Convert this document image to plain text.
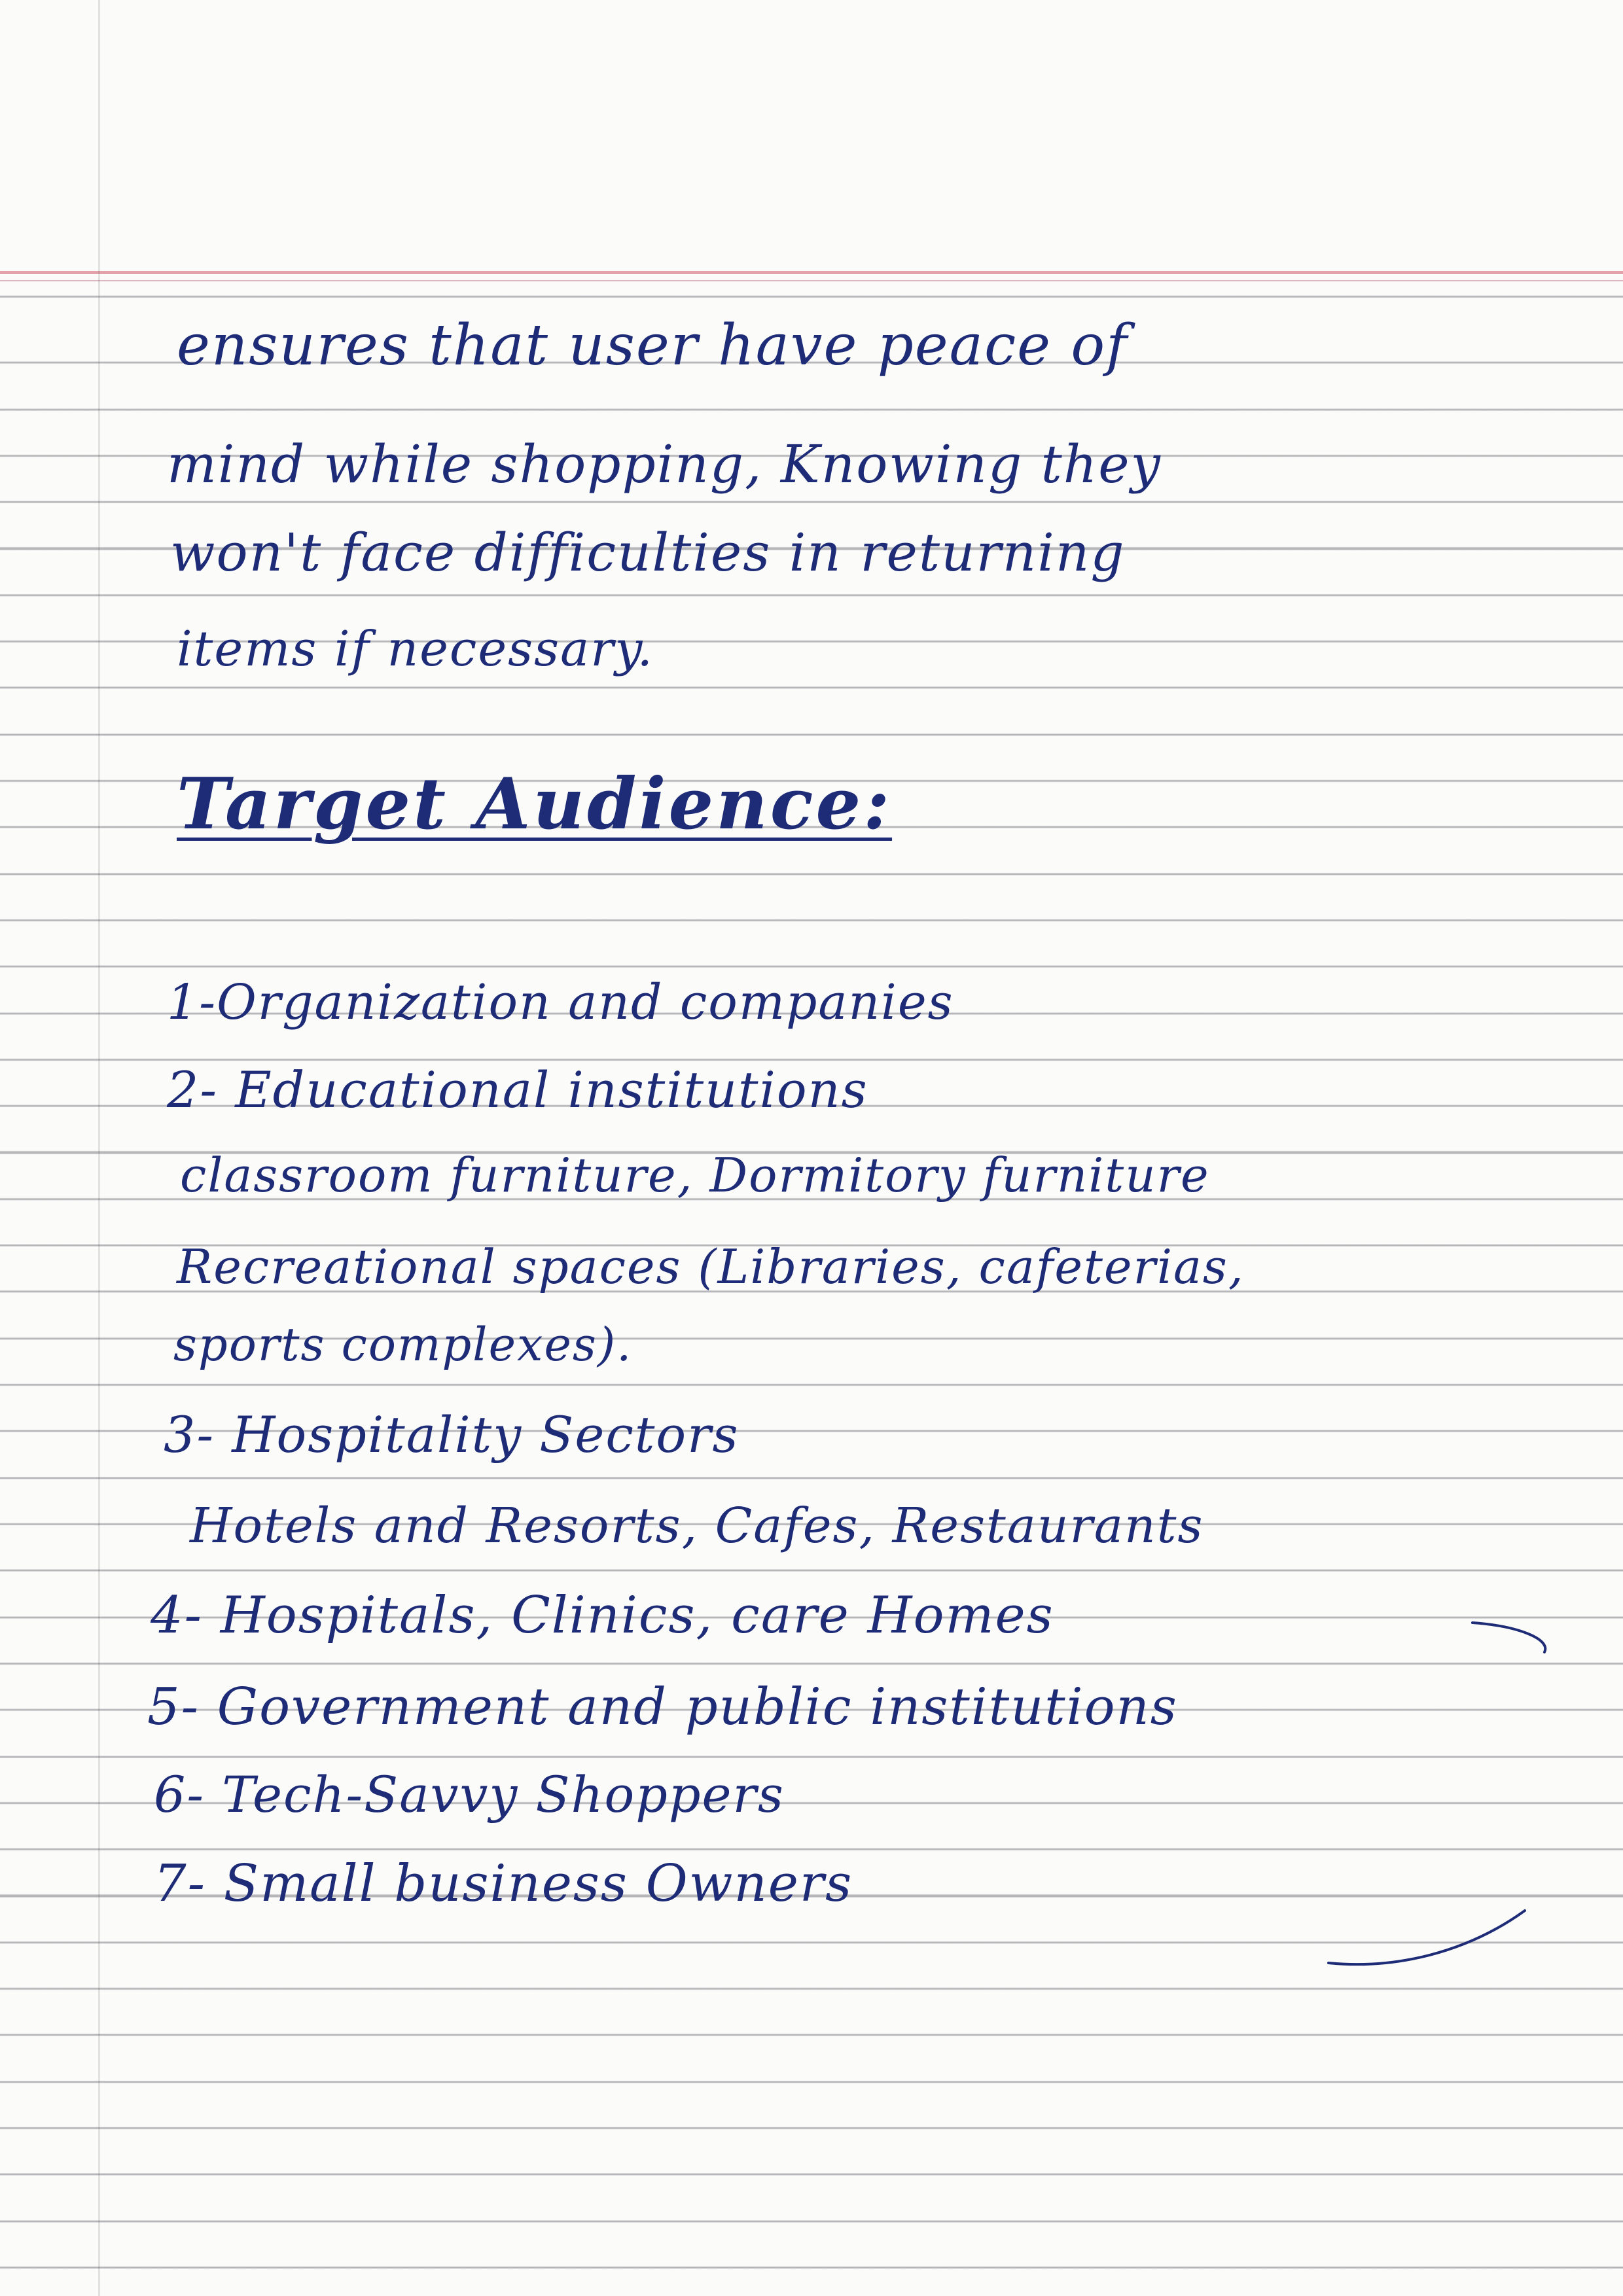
ensures that user have peace of

mind while shopping, Knowing they

won't face difficulties in returning

items if necessary.

Target Audience:

1-Organization and companies

2- Educational institutions

classroom furniture, Dormitory furniture

Recreational spaces (Libraries, cafeterias,

sports complexes).

3- Hospitality Sectors

Hotels and Resorts, Cafes, Restaurants

4- Hospitals, Clinics, care Homes

5- Government and public institutions

6- Tech-Savvy Shoppers

7- Small business Owners
